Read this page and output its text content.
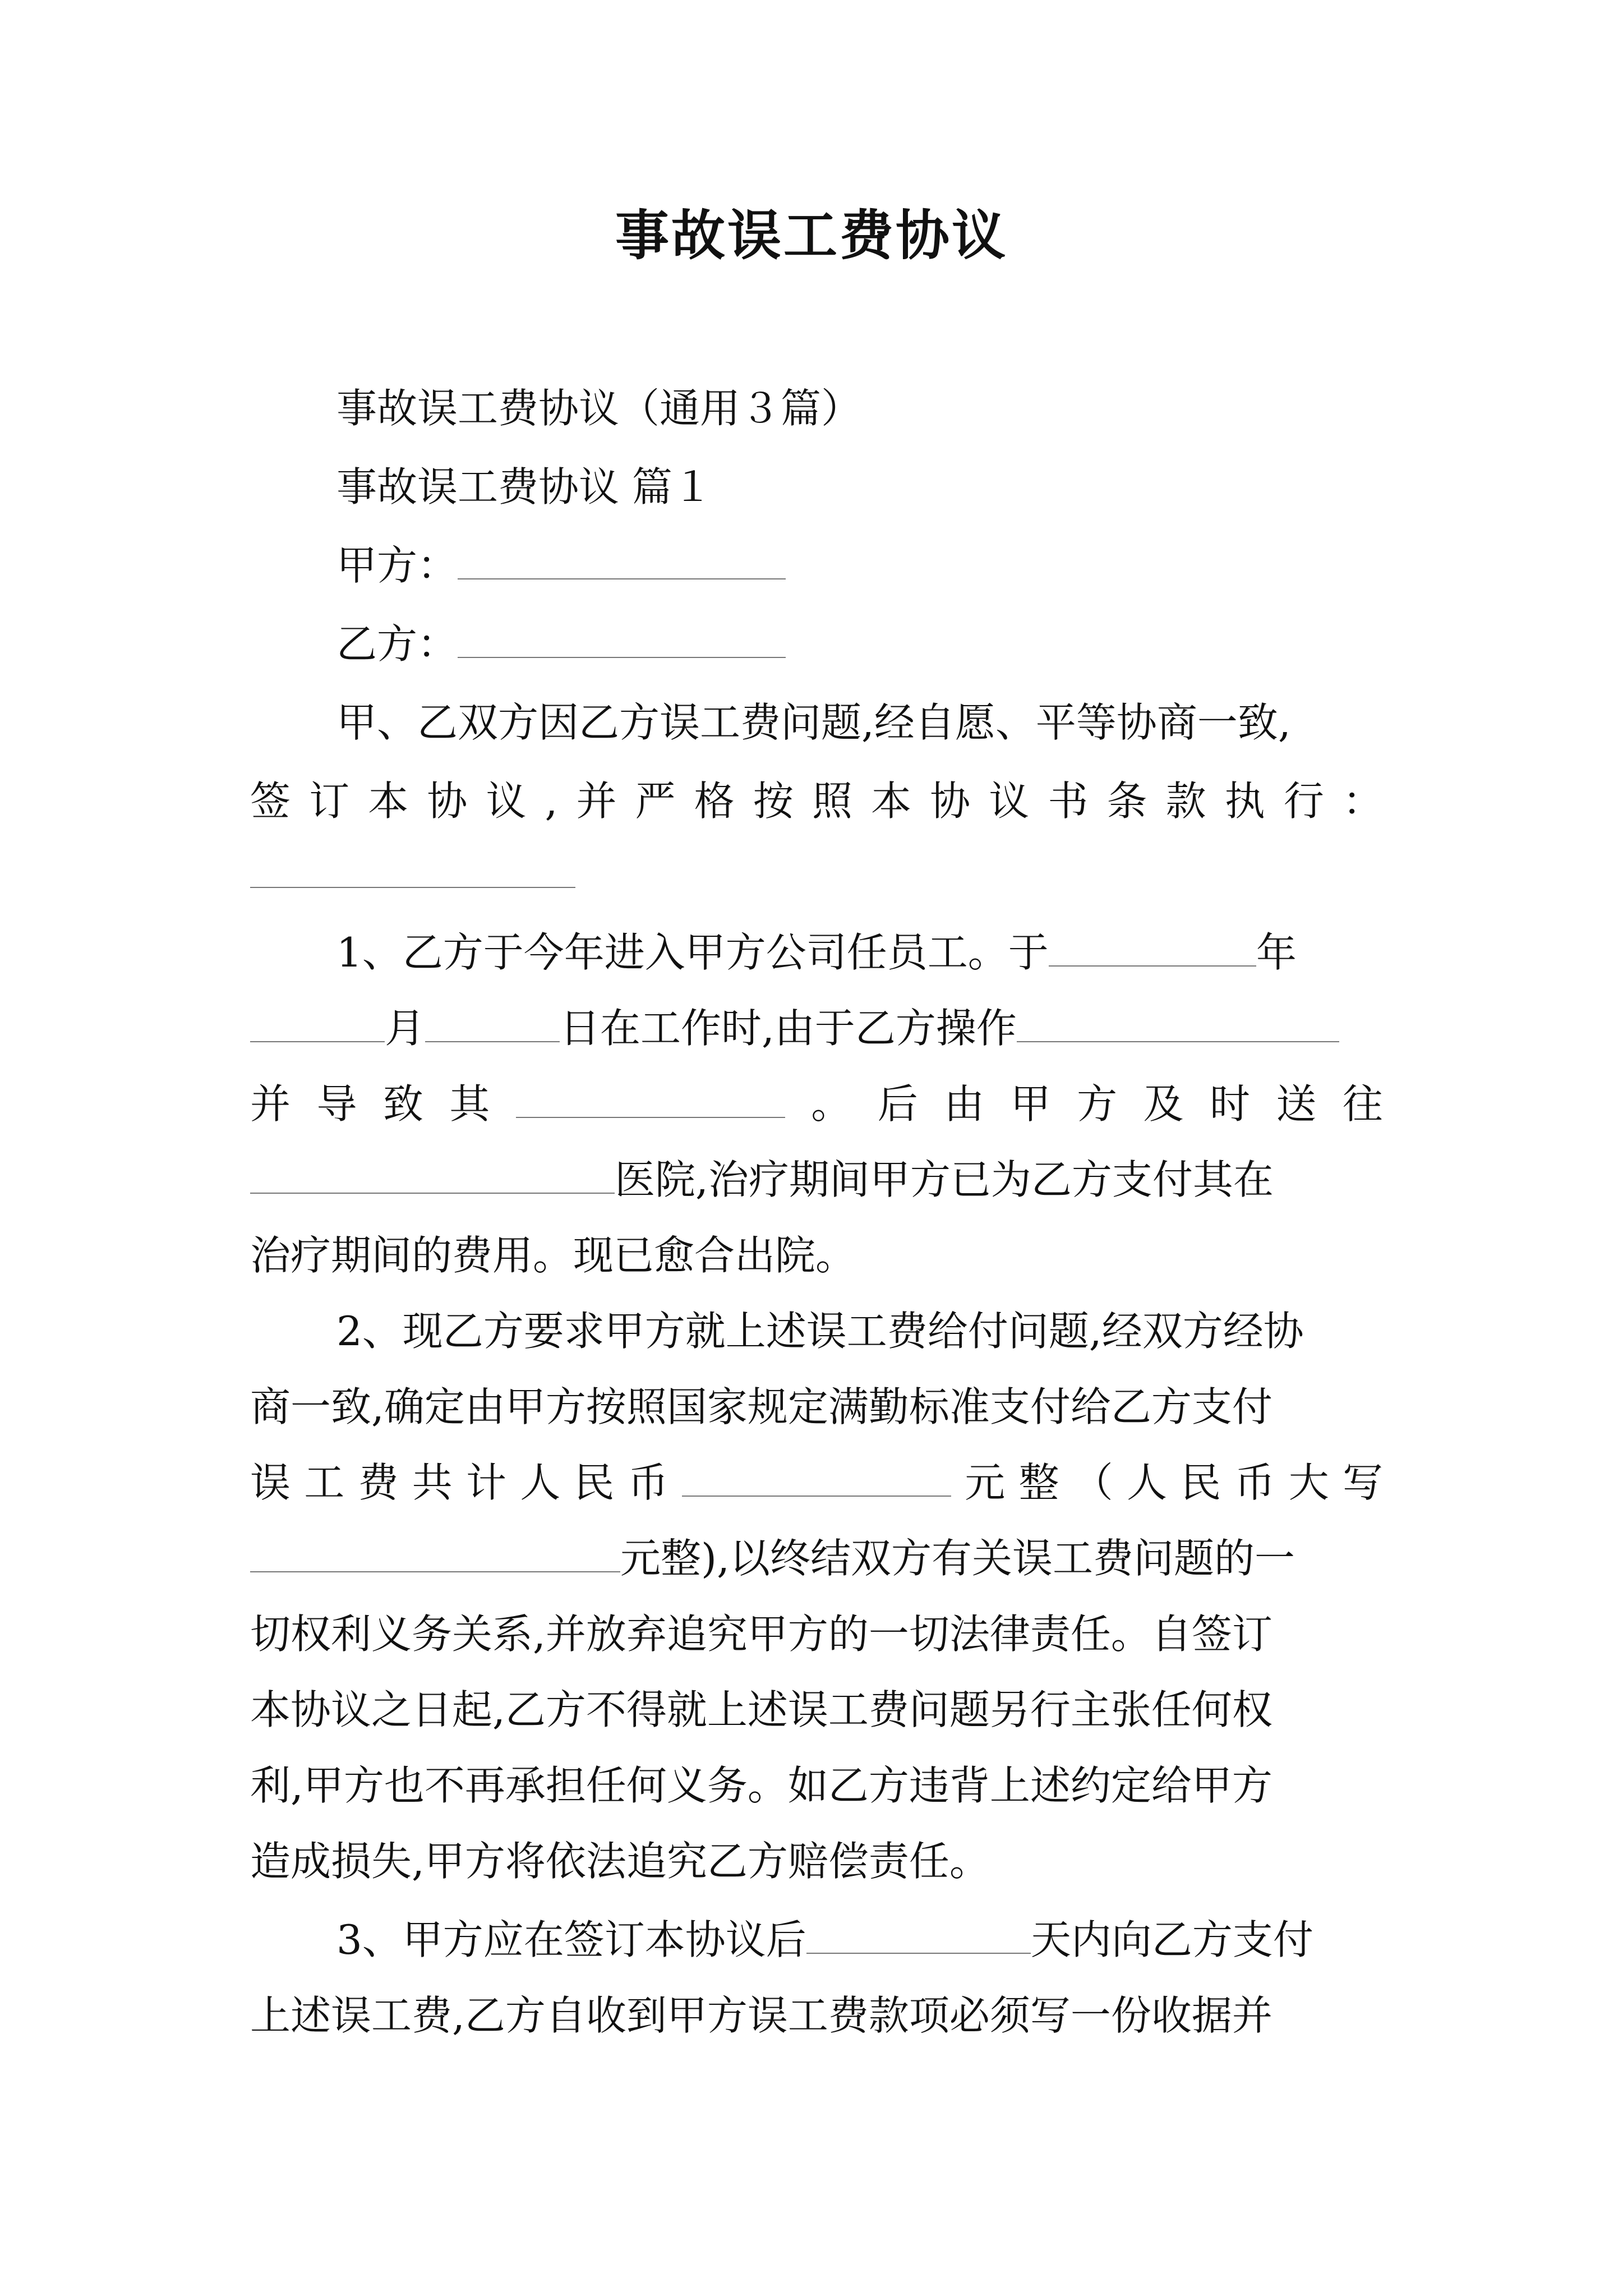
事故误工费协议
事故误工费协议（通用３篇）
事故误工费协议 篇１
甲方：
乙方：
甲、乙双方因乙方误工费问题,经自愿、平等协商一致,
签 订 本 协 议 , 并 严 格 按 照 本 协 议 书 条 款 执 行 ：
1、乙方于今年进入甲方公司任员工。于	年
月	日在工作时,由于乙方操作
并 导 致 其	。 后 由 甲 方 及 时 送 往
医院,治疗期间甲方已为乙方支付其在
治疗期间的费用。现已愈合出院。
2、现乙方要求甲方就上述误工费给付问题,经双方经协
商一致,确定由甲方按照国家规定满勤标准支付给乙方支付
误 工 费 共 计 人 民 币	元 整 （ 人 民 币 大 写
元整),以终结双方有关误工费问题的一
切权利义务关系,并放弃追究甲方的一切法律责任。自签订
本协议之日起,乙方不得就上述误工费问题另行主张任何权
利,甲方也不再承担任何义务。如乙方违背上述约定给甲方
造成损失,甲方将依法追究乙方赔偿责任。
3、甲方应在签订本协议后	天内向乙方支付
上述误工费,乙方自收到甲方误工费款项必须写一份收据并
